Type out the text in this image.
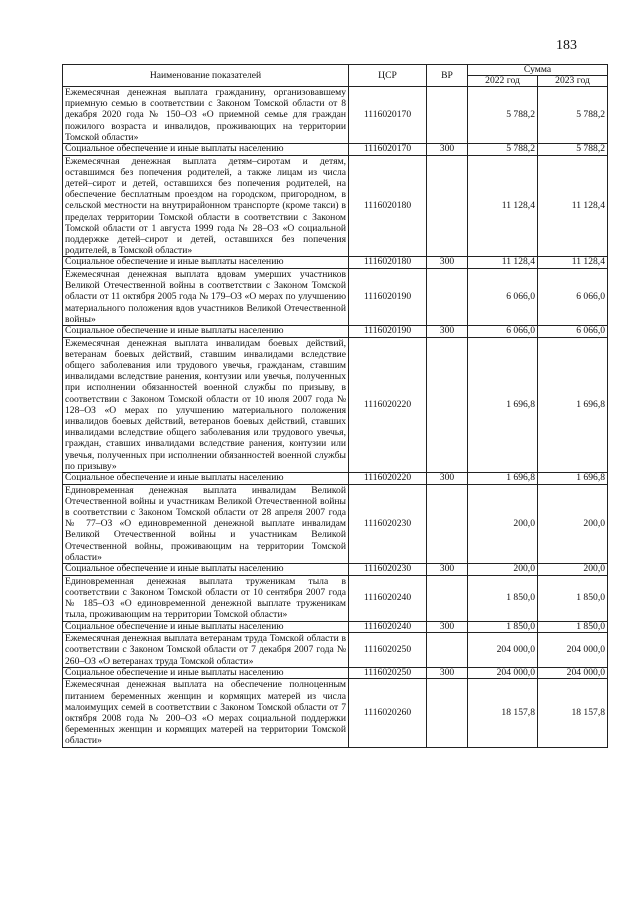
183
Наименование показателей	ЦСР	ВР	Сумма	
			2022 год	2023 год
Ежемесячная денежная выплата гражданину, организовавшему приемную семью в соответствии с Законом Томской области от 8 декабря 2020 года № 150–ОЗ «О приемной семье для граждан пожилого возраста и инвалидов, проживающих на территории Томской области»	1116020170		5 788,2	5 788,2
Социальное обеспечение и иные выплаты населению	1116020170	300	5 788,2	5 788,2
Ежемесячная денежная выплата детям–сиротам и детям, оставшимся без попечения родителей, а также лицам из числа детей–сирот и детей, оставшихся без попечения родителей, на обеспечение бесплатным проездом на городском, пригородном, в сельской местности на внутрирайонном транспорте (кроме такси) в пределах территории Томской области в соответствии с Законом Томской области от 1 августа 1999 года № 28–ОЗ «О социальной поддержке детей–сирот и детей, оставшихся без попечения родителей, в Томской области»	1116020180		11 128,4	11 128,4
Социальное обеспечение и иные выплаты населению	1116020180	300	11 128,4	11 128,4
Ежемесячная денежная выплата вдовам умерших участников Великой Отечественной войны в соответствии с Законом Томской области от 11 октября 2005 года № 179–ОЗ «О мерах по улучшению материального положения вдов участников Великой Отечественной войны»	1116020190		6 066,0	6 066,0
Социальное обеспечение и иные выплаты населению	1116020190	300	6 066,0	6 066,0
Ежемесячная денежная выплата инвалидам боевых действий, ветеранам боевых действий, ставшим инвалидами вследствие общего заболевания или трудового увечья, гражданам, ставшим инвалидами вследствие ранения, контузии или увечья, полученных при исполнении обязанностей военной службы по призыву, в соответствии с Законом Томской области от 10 июля 2007 года № 128–ОЗ «О мерах по улучшению материального положения инвалидов боевых действий, ветеранов боевых действий, ставших инвалидами вследствие общего заболевания или трудового увечья, граждан, ставших инвалидами вследствие ранения, контузии или увечья, полученных при исполнении обязанностей военной службы по призыву»	1116020220		1 696,8	1 696,8
Социальное обеспечение и иные выплаты населению	1116020220	300	1 696,8	1 696,8
Единовременная денежная выплата инвалидам Великой Отечественной войны и участникам Великой Отечественной войны в соответствии с Законом Томской области от 28 апреля 2007 года № 77–ОЗ «О единовременной денежной выплате инвалидам Великой Отечественной войны и участникам Великой Отечественной войны, проживающим на территории Томской области»	1116020230		200,0	200,0
Социальное обеспечение и иные выплаты населению	1116020230	300	200,0	200,0
Единовременная денежная выплата труженикам тыла в соответствии с Законом Томской области от 10 сентября 2007 года № 185–ОЗ «О единовременной денежной выплате труженикам тыла, проживающим на территории Томской области»	1116020240		1 850,0	1 850,0
Социальное обеспечение и иные выплаты населению	1116020240	300	1 850,0	1 850,0
Ежемесячная денежная выплата ветеранам труда Томской области в соответствии с Законом Томской области от 7 декабря 2007 года № 260–ОЗ «О ветеранах труда Томской области»	1116020250		204 000,0	204 000,0
Социальное обеспечение и иные выплаты населению	1116020250	300	204 000,0	204 000,0
Ежемесячная денежная выплата на обеспечение полноценным питанием беременных женщин и кормящих матерей из числа малоимущих семей в соответствии с Законом Томской области от 7 октября 2008 года № 200–ОЗ «О мерах социальной поддержки беременных женщин и кормящих матерей на территории Томской области»	1116020260		18 157,8	18 157,8
